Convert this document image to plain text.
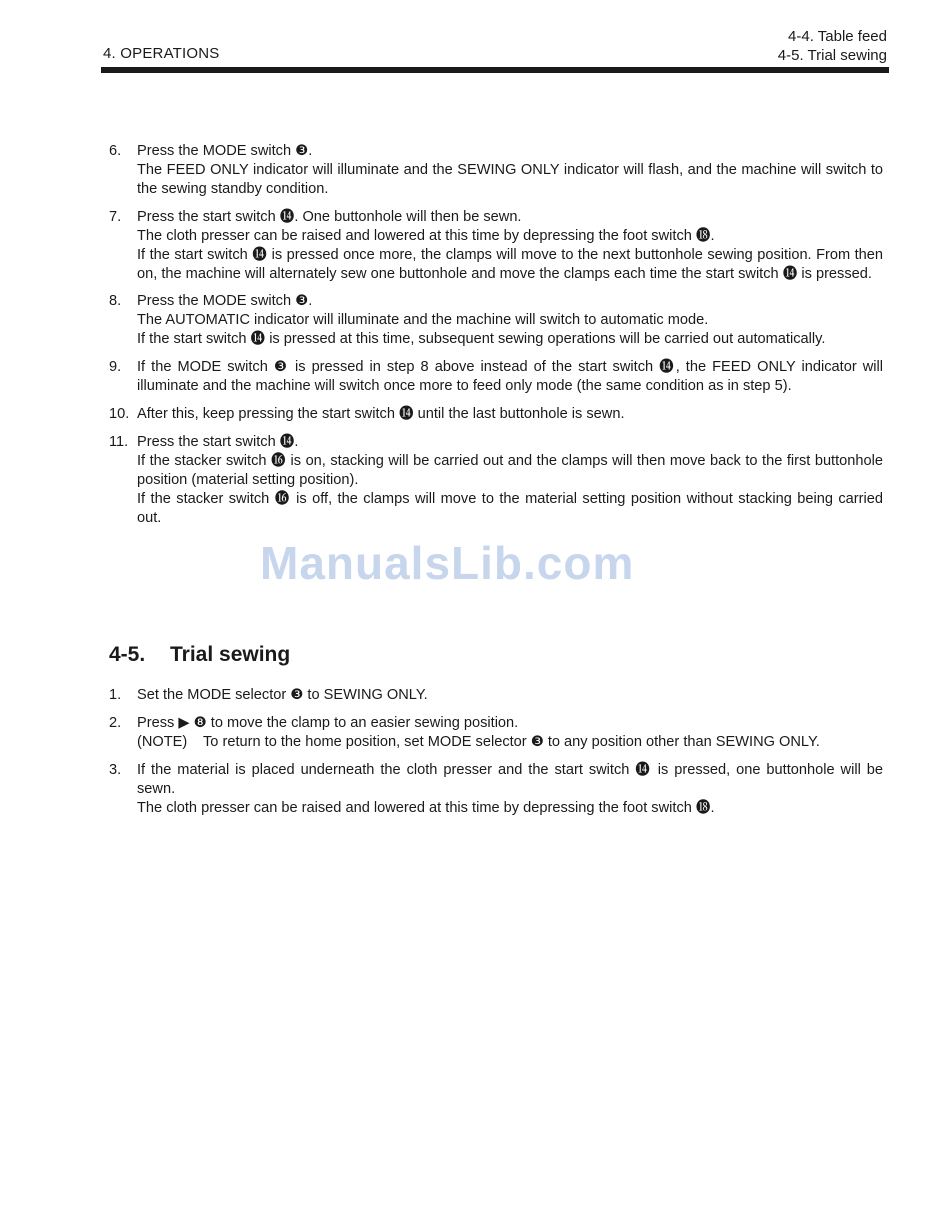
4. OPERATIONS
4-4. Table feed
4-5. Trial sewing
6.	Press the MODE switch ❸.

The FEED ONLY indicator will illuminate and the SEWING ONLY indicator will flash, and the machine will switch to the sewing standby condition.

7.	Press the start switch ⓮. One buttonhole will then be sewn.

The cloth presser can be raised and lowered at this time by depressing the foot switch ⓲.

If the start switch ⓮ is pressed once more, the clamps will move to the next buttonhole sewing position. From then on, the machine will alternately sew one buttonhole and move the clamps each time the start switch ⓮ is pressed.

8.	Press the MODE switch ❸.

The AUTOMATIC indicator will illuminate and the machine will switch to automatic mode.

If the start switch ⓮ is pressed at this time, subsequent sewing operations will be carried out automatically.

9.	If the MODE switch ❸ is pressed in step 8 above instead of the start switch ⓮, the FEED ONLY indicator will illuminate and the machine will switch once more to feed only mode (the same condition as in step 5).

10. After this, keep pressing the start switch ⓮ until the last buttonhole is sewn.

11. Press the start switch ⓮.

If the stacker switch ⓰ is on, stacking will be carried out and the clamps will then move back to the first buttonhole position (material setting position).

If the stacker switch ⓰ is off, the clamps will move to the material setting position without stacking being carried out.

4-5. Trial sewing
1.	Set the MODE selector ❸ to SEWING ONLY.

2.	Press ▶ ❽ to move the clamp to an easier sewing position.

(NOTE)	To return to the home position, set MODE selector ❸ to any position other than SEWING ONLY.
3.	If the material is placed underneath the cloth presser and the start switch ⓮ is pressed, one buttonhole will be sewn.

The cloth presser can be raised and lowered at this time by depressing the foot switch ⓲.

ManualsLib.com
